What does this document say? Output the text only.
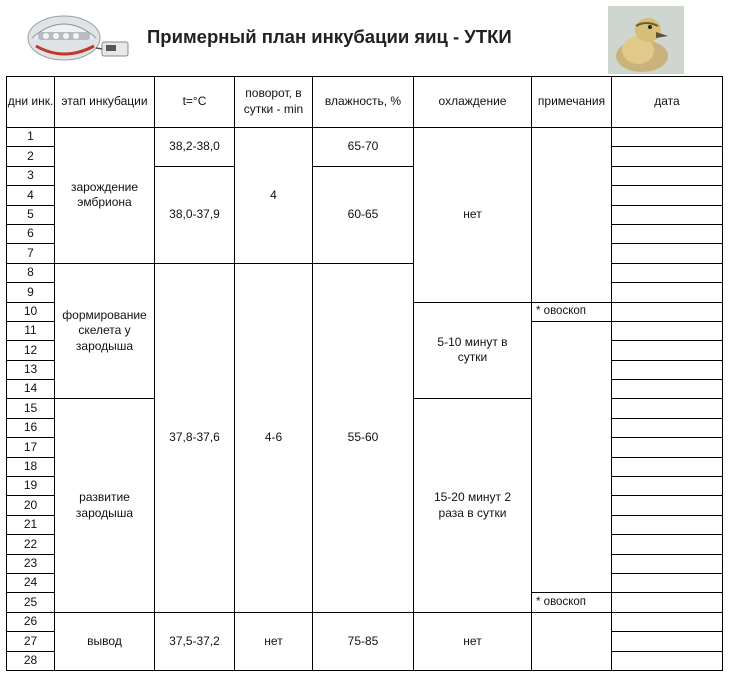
Примерный план инкубации яиц - УТКИ
дни инк.	этап инкубации	t=°C	поворот, в сутки - min	влажность, %	охлаждение	примечания	дата
1	зарождение эмбриона	38,2-38,0	4	65-70	нет		
2							
3		38,0-37,9		60-65			
4							
5							
6							
7							
8	формирование скелета у зародыша	37,8-37,6	4-6	55-60			
9							
10					5-10 минут в сутки	* овоскоп	
11							
12							
13							
14							
15	развитие зародыша				15-20 минут 2 раза в сутки		
16							
17							
18							
19							
20							
21							
22							
23							
24							
25						* овоскоп	
26	вывод	37,5-37,2	нет	75-85	нет		
27							
28							
